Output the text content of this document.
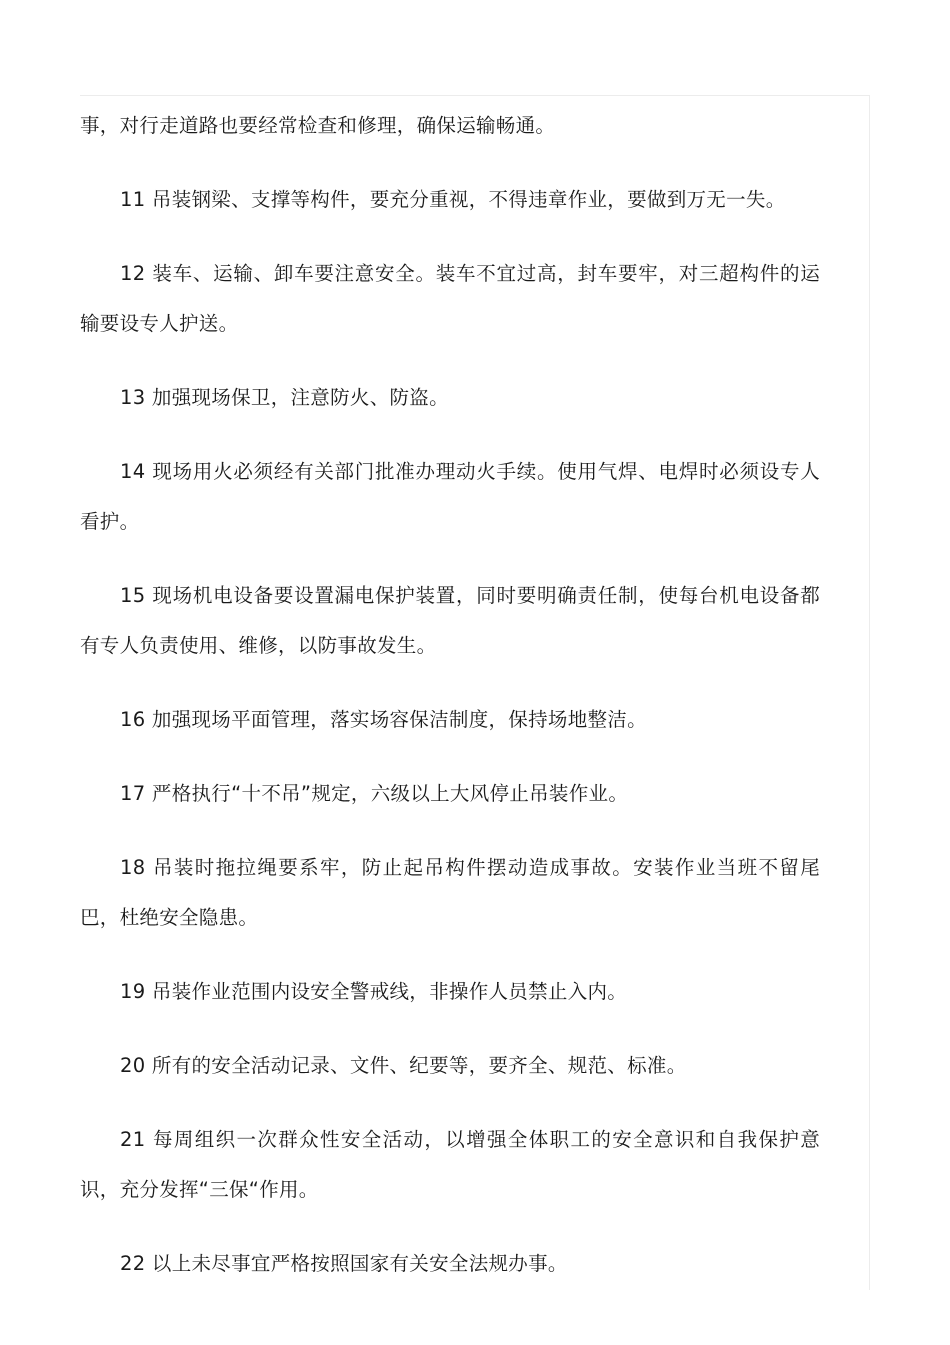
事，对行走道路也要经常检查和修理，确保运输畅通。

11 吊装钢梁、支撑等构件，要充分重视，不得违章作业，要做到万无一失。

12 装车、运输、卸车要注意安全。装车不宜过高，封车要牢，对三超构件的运输要设专人护送。

13 加强现场保卫，注意防火、防盗。

14 现场用火必须经有关部门批准办理动火手续。使用气焊、电焊时必须设专人看护。

15 现场机电设备要设置漏电保护装置，同时要明确责任制，使每台机电设备都有专人负责使用、维修，以防事故发生。

16 加强现场平面管理，落实场容保洁制度，保持场地整洁。

17 严格执行“十不吊”规定，六级以上大风停止吊装作业。

18 吊装时拖拉绳要系牢，防止起吊构件摆动造成事故。安装作业当班不留尾巴，杜绝安全隐患。

19 吊装作业范围内设安全警戒线，非操作人员禁止入内。

20 所有的安全活动记录、文件、纪要等，要齐全、规范、标准。

21 每周组织一次群众性安全活动，以增强全体职工的安全意识和自我保护意识，充分发挥“三保“作用。

22 以上未尽事宜严格按照国家有关安全法规办事。
